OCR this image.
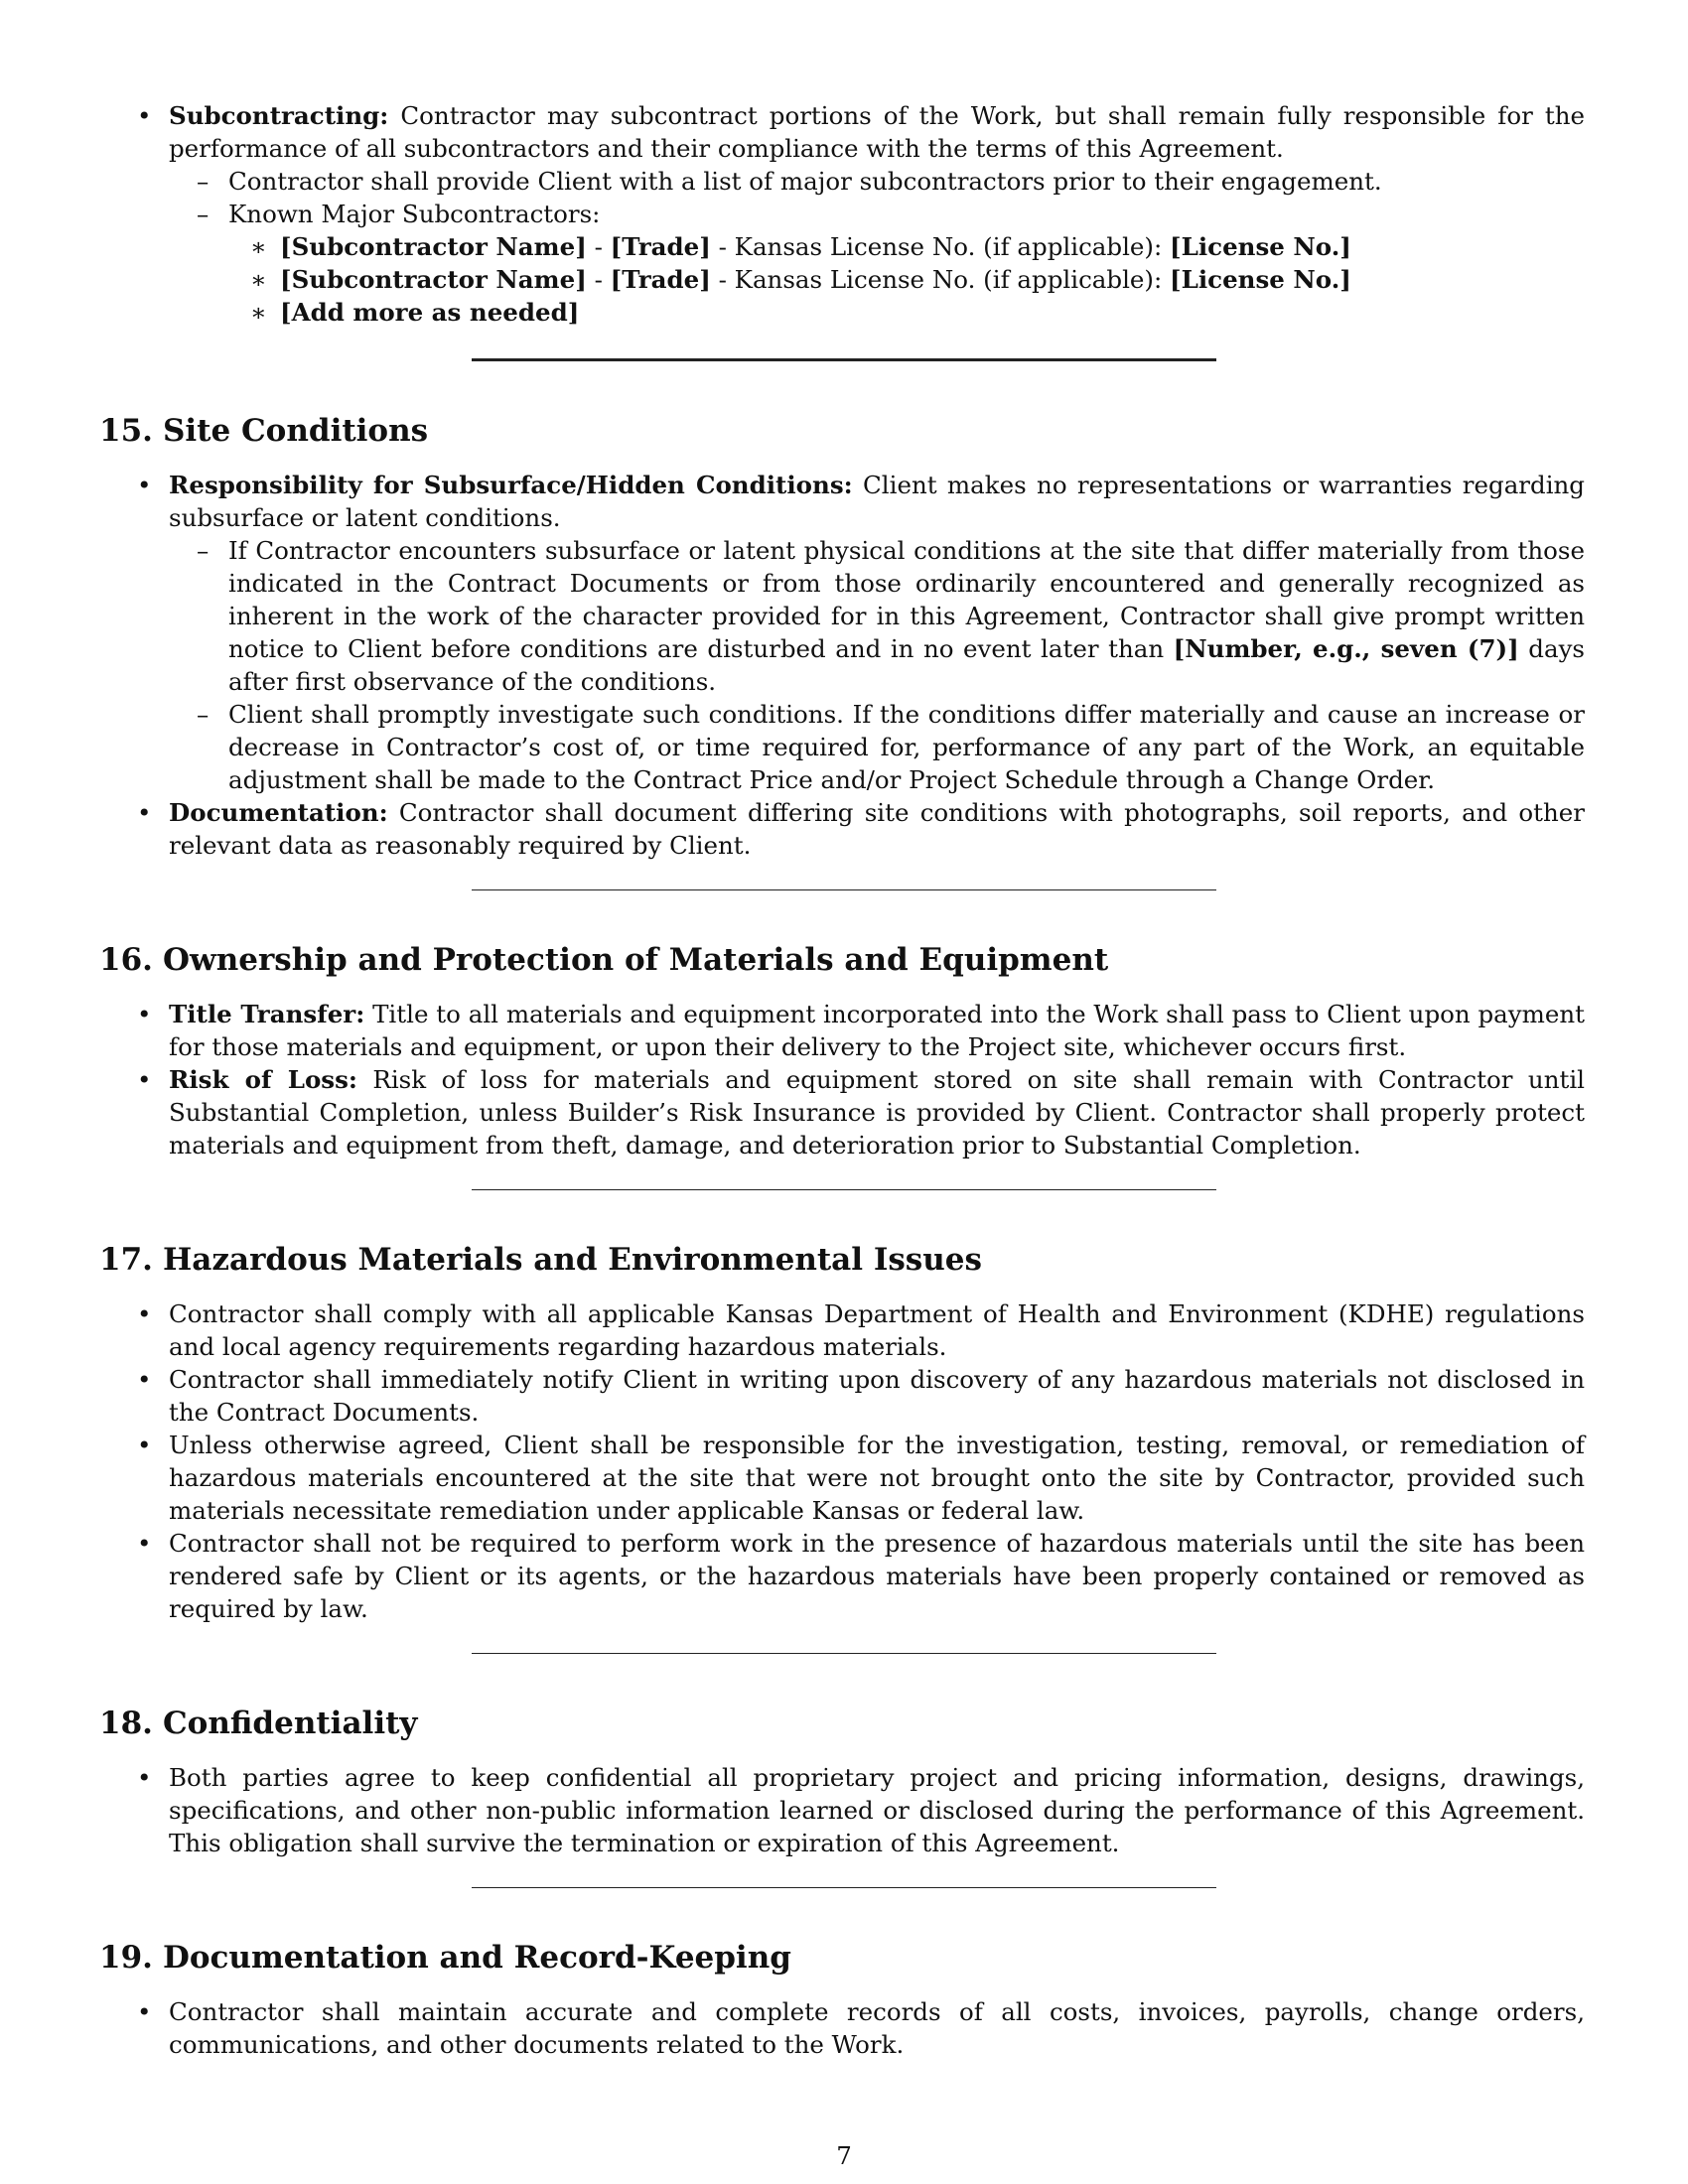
• Subcontracting: Contractor may subcontract portions of the Work, but shall remain fully responsible for the performance of all subcontractors and their compliance with the terms of this Agreement.
– Contractor shall provide Client with a list of major subcontractors prior to their engagement.
– Known Major Subcontractors:
∗ [Subcontractor Name] - [Trade] - Kansas License No. (if applicable): [License No.]
∗ [Subcontractor Name] - [Trade] - Kansas License No. (if applicable): [License No.]
∗ [Add more as needed]
15. Site Conditions
• Responsibility for Subsurface/Hidden Conditions: Client makes no representations or warranties regarding subsurface or latent conditions.
– If Contractor encounters subsurface or latent physical conditions at the site that differ materially from those indicated in the Contract Documents or from those ordinarily encountered and generally recognized as inherent in the work of the character provided for in this Agreement, Contractor shall give prompt written notice to Client before conditions are disturbed and in no event later than [Number, e.g., seven (7)] days after first observance of the conditions.
– Client shall promptly investigate such conditions. If the conditions differ materially and cause an increase or decrease in Contractor’s cost of, or time required for, performance of any part of the Work, an equitable adjustment shall be made to the Contract Price and/or Project Schedule through a Change Order.
• Documentation: Contractor shall document differing site conditions with photographs, soil reports, and other relevant data as reasonably required by Client.
16. Ownership and Protection of Materials and Equipment
• Title Transfer: Title to all materials and equipment incorporated into the Work shall pass to Client upon payment for those materials and equipment, or upon their delivery to the Project site, whichever occurs first.
• Risk of Loss: Risk of loss for materials and equipment stored on site shall remain with Contractor until Substantial Completion, unless Builder’s Risk Insurance is provided by Client. Contractor shall properly protect materials and equipment from theft, damage, and deterioration prior to Substantial Completion.
17. Hazardous Materials and Environmental Issues
• Contractor shall comply with all applicable Kansas Department of Health and Environment (KDHE) regulations and local agency requirements regarding hazardous materials.
• Contractor shall immediately notify Client in writing upon discovery of any hazardous materials not disclosed in the Contract Documents.
• Unless otherwise agreed, Client shall be responsible for the investigation, testing, removal, or remediation of hazardous materials encountered at the site that were not brought onto the site by Contractor, provided such materials necessitate remediation under applicable Kansas or federal law.
• Contractor shall not be required to perform work in the presence of hazardous materials until the site has been rendered safe by Client or its agents, or the hazardous materials have been properly contained or removed as required by law.
18. Confidentiality
• Both parties agree to keep confidential all proprietary project and pricing information, designs, drawings, specifications, and other non-public information learned or disclosed during the performance of this Agreement. This obligation shall survive the termination or expiration of this Agreement.
19. Documentation and Record-Keeping
• Contractor shall maintain accurate and complete records of all costs, invoices, payrolls, change orders, communications, and other documents related to the Work.
7
